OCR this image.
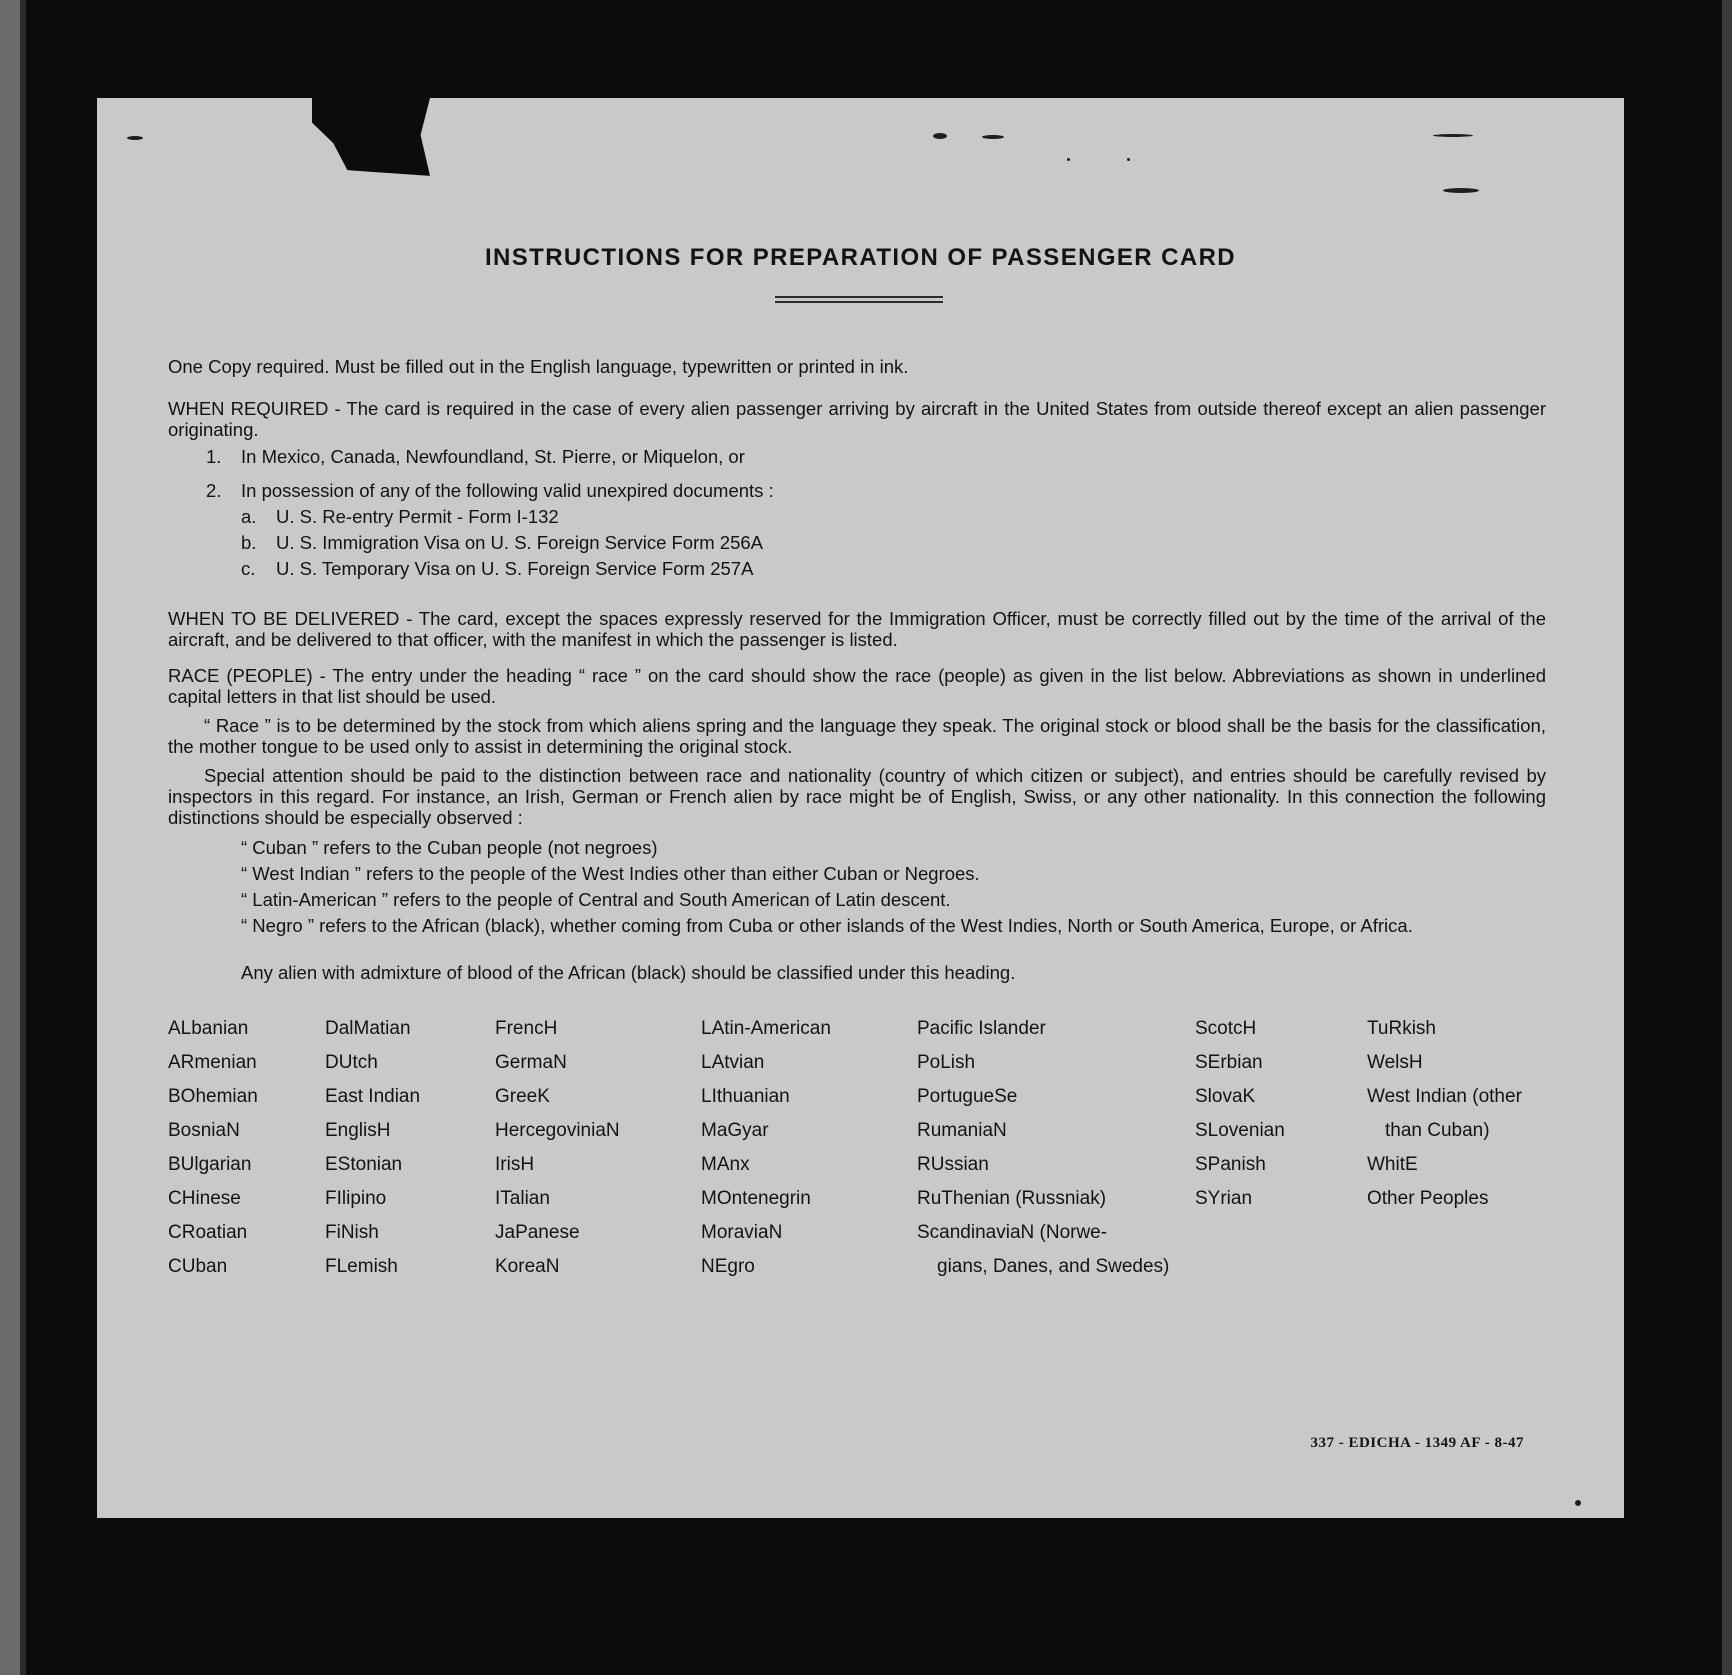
INSTRUCTIONS FOR PREPARATION OF PASSENGER CARD
One Copy required. Must be filled out in the English language, typewritten or printed in ink.
WHEN REQUIRED - The card is required in the case of every alien passenger arriving by aircraft in the United States from outside thereof except an alien passenger originating.
1. In Mexico, Canada, Newfoundland, St. Pierre, or Miquelon, or
2. In possession of any of the following valid unexpired documents :
a. U. S. Re-entry Permit - Form I-132
b. U. S. Immigration Visa on U. S. Foreign Service Form 256A
c. U. S. Temporary Visa on U. S. Foreign Service Form 257A
WHEN TO BE DELIVERED - The card, except the spaces expressly reserved for the Immigration Officer, must be correctly filled out by the time of the arrival of the aircraft, and be delivered to that officer, with the manifest in which the passenger is listed.
RACE (PEOPLE) - The entry under the heading “ race ” on the card should show the race (people) as given in the list below. Abbreviations as shown in underlined capital letters in that list should be used.
“ Race ” is to be determined by the stock from which aliens spring and the language they speak. The original stock or blood shall be the basis for the classification, the mother tongue to be used only to assist in determining the original stock.
Special attention should be paid to the distinction between race and nationality (country of which citizen or subject), and entries should be carefully revised by inspectors in this regard. For instance, an Irish, German or French alien by race might be of English, Swiss, or any other nationality. In this connection the following distinctions should be especially observed :
“ Cuban ” refers to the Cuban people (not negroes)
“ West Indian ” refers to the people of the West Indies other than either Cuban or Negroes.
“ Latin-American ” refers to the people of Central and South American of Latin descent.
“ Negro ” refers to the African (black), whether coming from Cuba or other islands of the West Indies, North or South America, Europe, or Africa.
Any alien with admixture of blood of the African (black) should be classified under this heading.
ALbanian
ARmenian
BOhemian
BosniaN
BUlgarian
CHinese
CRoatian
CUban
DalMatian
DUtch
East Indian
EnglisH
EStonian
FIlipino
FiNish
FLemish
FrencH
GermaN
GreeK
HercegoviniaN
IrisH
ITalian
JaPanese
KoreaN
LAtin-American
LAtvian
LIthuanian
MaGyar
MAnx
MOntenegrin
MoraviaN
NEgro
Pacific Islander
PoLish
PortugueSe
RumaniaN
RUssian
RuThenian (Russniak)
ScandinaviaN (Norwe-
gians, Danes, and Swedes)
ScotcH
SErbian
SlovaK
SLovenian
SPanish
SYrian
TuRkish
WelsH
West Indian (other
than Cuban)
WhitE
Other Peoples
337 - EDICHA - 1349 AF - 8-47
